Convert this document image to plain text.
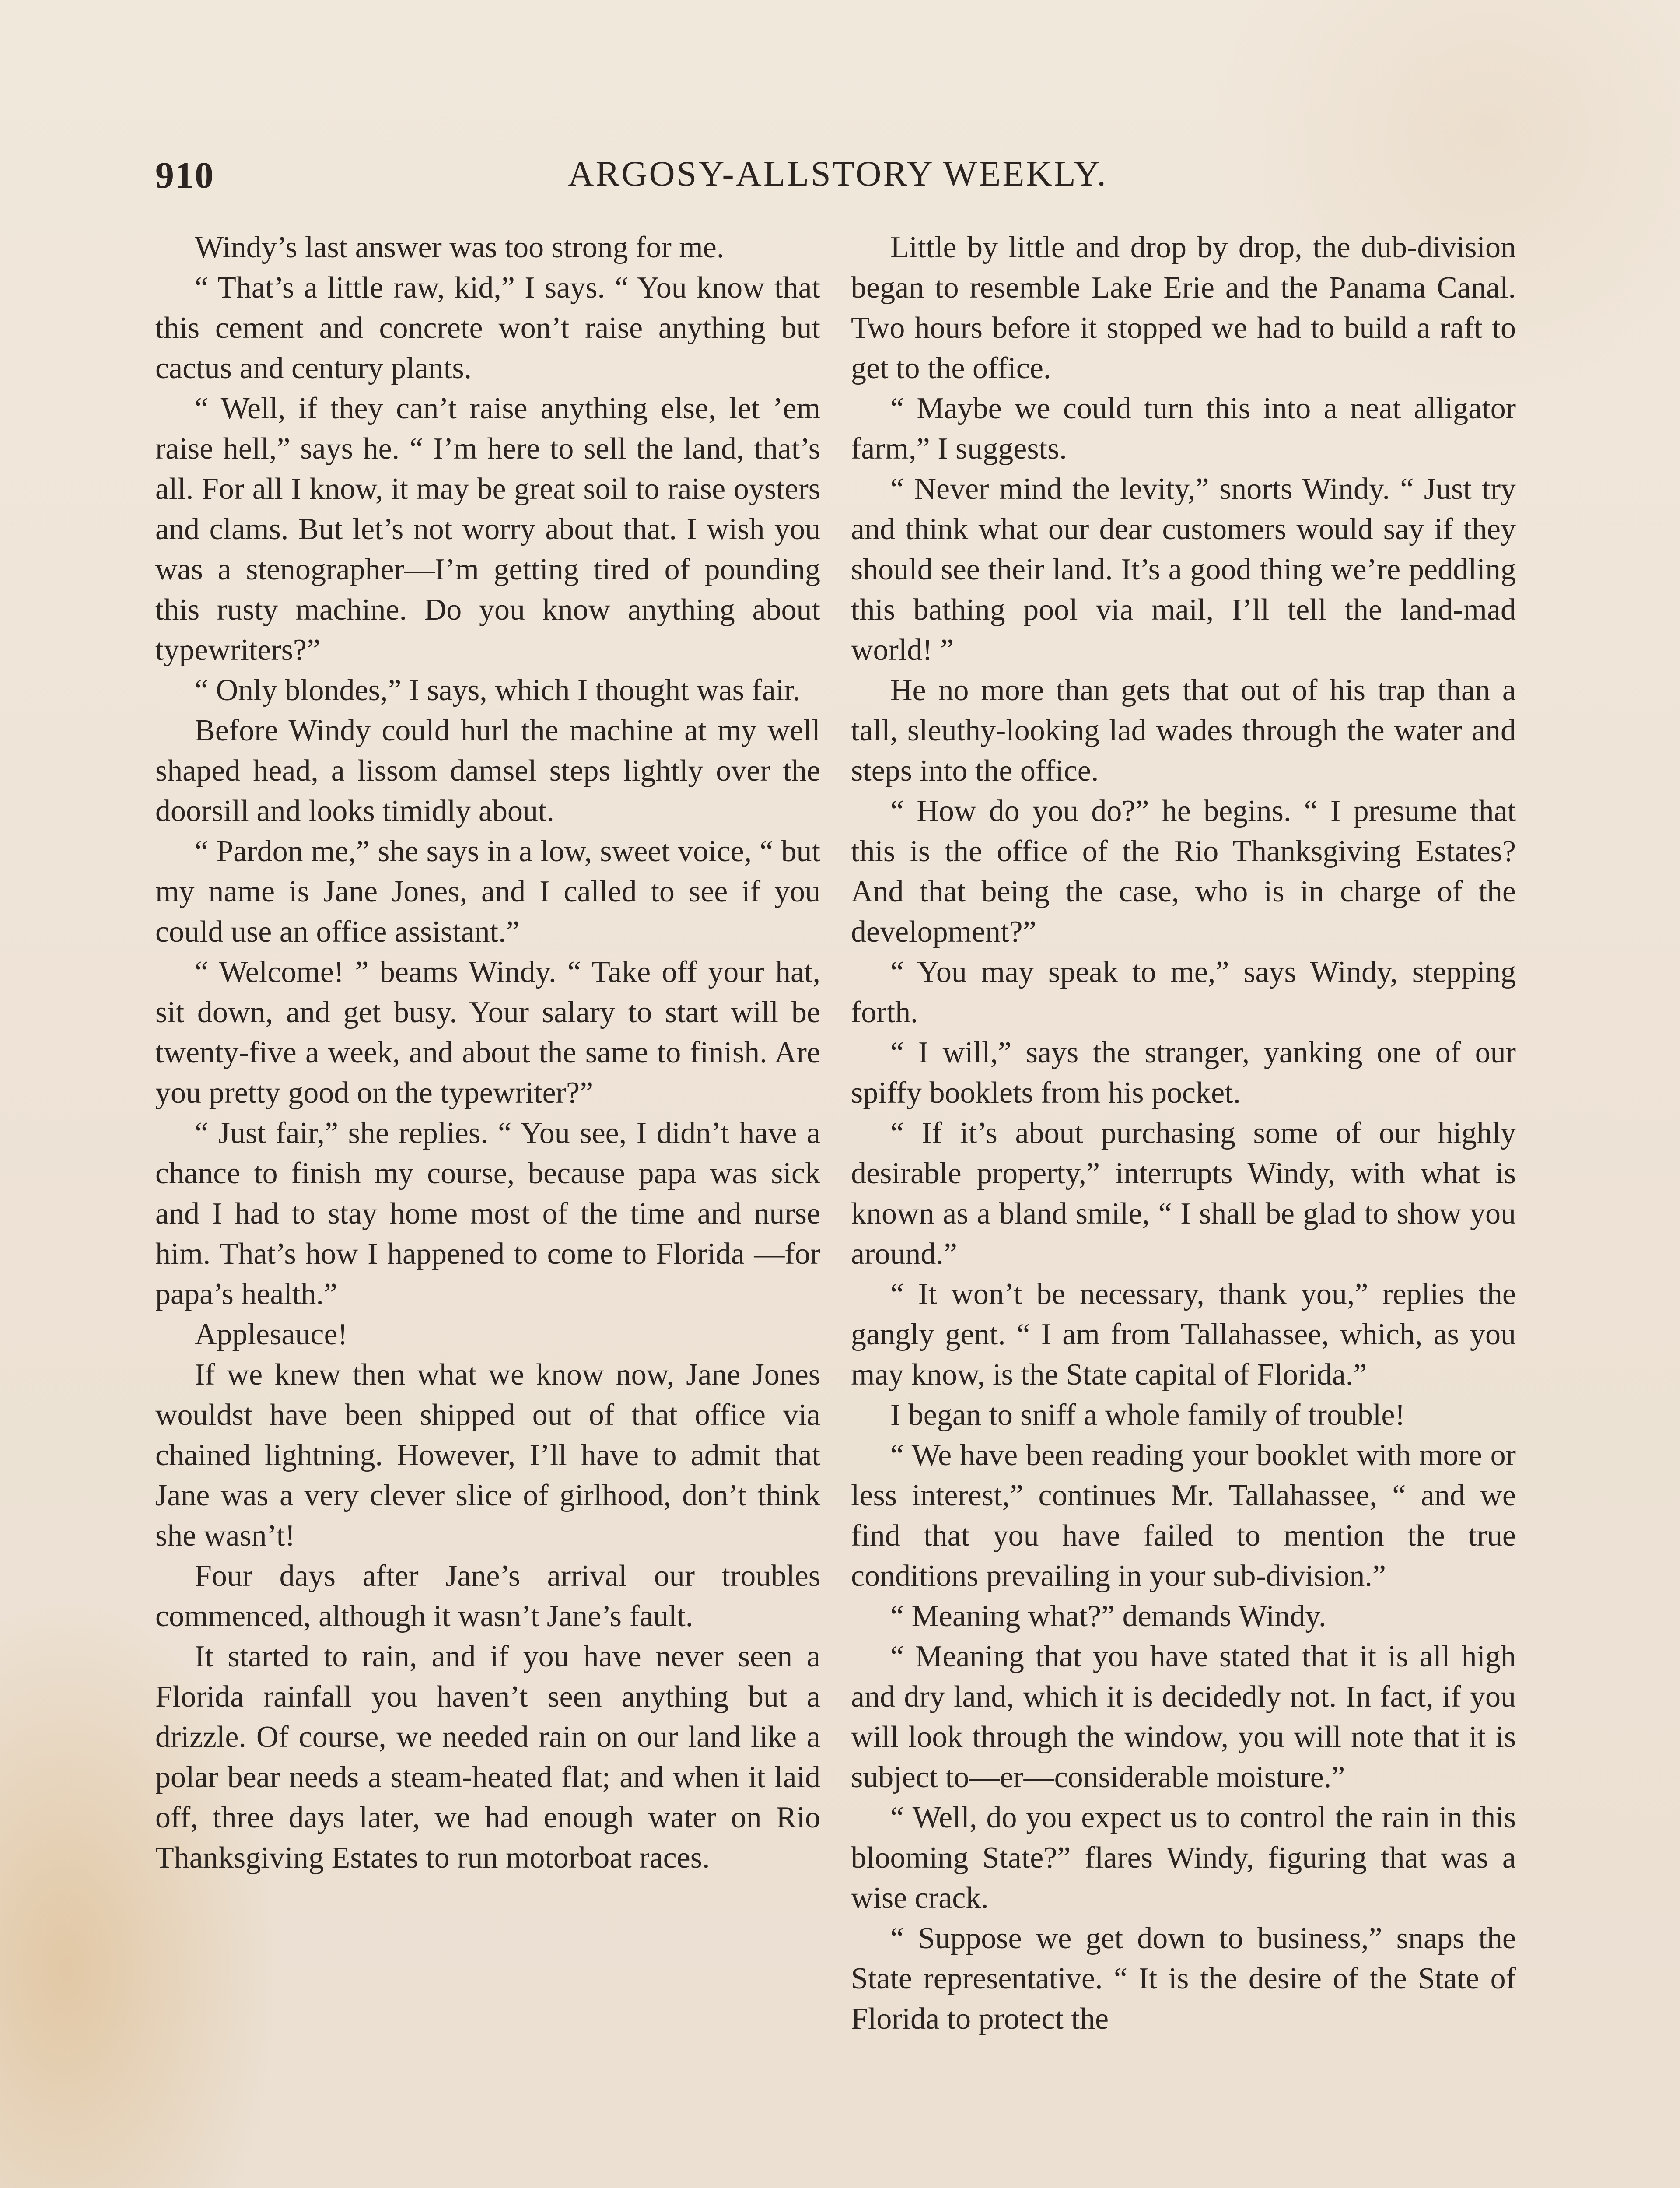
ARGOSY-ALLSTORY WEEKLY.
910

Windy’s last answer was too strong for me.

“ That’s a little raw, kid,” I says. “ You know that this cement and concrete won’t raise anything but cactus and century plants.

“ Well, if they can’t raise anything else, let ’em raise hell,” says he. “ I’m here to sell the land, that’s all. For all I know, it may be great soil to raise oysters and clams. But let’s not worry about that. I wish you was a stenographer—I’m getting tired of pounding this rusty machine. Do you know anything about typewriters?”

“ Only blondes,” I says, which I thought was fair.

Before Windy could hurl the machine at my well shaped head, a lissom damsel steps lightly over the doorsill and looks timidly about.

“ Pardon me,” she says in a low, sweet voice, “ but my name is Jane Jones, and I called to see if you could use an office assistant.”

“ Welcome! ” beams Windy. “ Take off your hat, sit down, and get busy. Your salary to start will be twenty-five a week, and about the same to finish. Are you pretty good on the typewriter?”

“ Just fair,” she replies. “ You see, I didn’t have a chance to finish my course, because papa was sick and I had to stay home most of the time and nurse him. That’s how I happened to come to Florida —for papa’s health.”

Applesauce!

If we knew then what we know now, Jane Jones wouldst have been shipped out of that office via chained lightning. However, I’ll have to admit that Jane was a very clever slice of girlhood, don’t think she wasn’t!

Four days after Jane’s arrival our troubles commenced, although it wasn’t Jane’s fault.

It started to rain, and if you have never seen a Florida rainfall you haven’t seen anything but a drizzle. Of course, we needed rain on our land like a polar bear needs a steam-heated flat; and when it laid off, three days later, we had enough water on Rio Thanksgiving Estates to run motorboat races.

Little by little and drop by drop, the dub-division began to resemble Lake Erie and the Panama Canal. Two hours before it stopped we had to build a raft to get to the office.

“ Maybe we could turn this into a neat alligator farm,” I suggests.

“ Never mind the levity,” snorts Windy. “ Just try and think what our dear customers would say if they should see their land. It’s a good thing we’re peddling this bathing pool via mail, I’ll tell the land-mad world! ”

He no more than gets that out of his trap than a tall, sleuthy-looking lad wades through the water and steps into the office.

“ How do you do?” he begins. “ I presume that this is the office of the Rio Thanksgiving Estates? And that being the case, who is in charge of the development?”

“ You may speak to me,” says Windy, stepping forth.

“ I will,” says the stranger, yanking one of our spiffy booklets from his pocket.

“ If it’s about purchasing some of our highly desirable property,” interrupts Windy, with what is known as a bland smile, “ I shall be glad to show you around.”

“ It won’t be necessary, thank you,” replies the gangly gent. “ I am from Tallahassee, which, as you may know, is the State capital of Florida.”

I began to sniff a whole family of trouble!

“ We have been reading your booklet with more or less interest,” continues Mr. Tallahassee, “ and we find that you have failed to mention the true conditions prevailing in your sub-division.”

“ Meaning what?” demands Windy.

“ Meaning that you have stated that it is all high and dry land, which it is decidedly not. In fact, if you will look through the window, you will note that it is subject to—er—considerable moisture.”

“ Well, do you expect us to control the rain in this blooming State?” flares Windy, figuring that was a wise crack.

“ Suppose we get down to business,” snaps the State representative. “ It is the desire of the State of Florida to protect the
